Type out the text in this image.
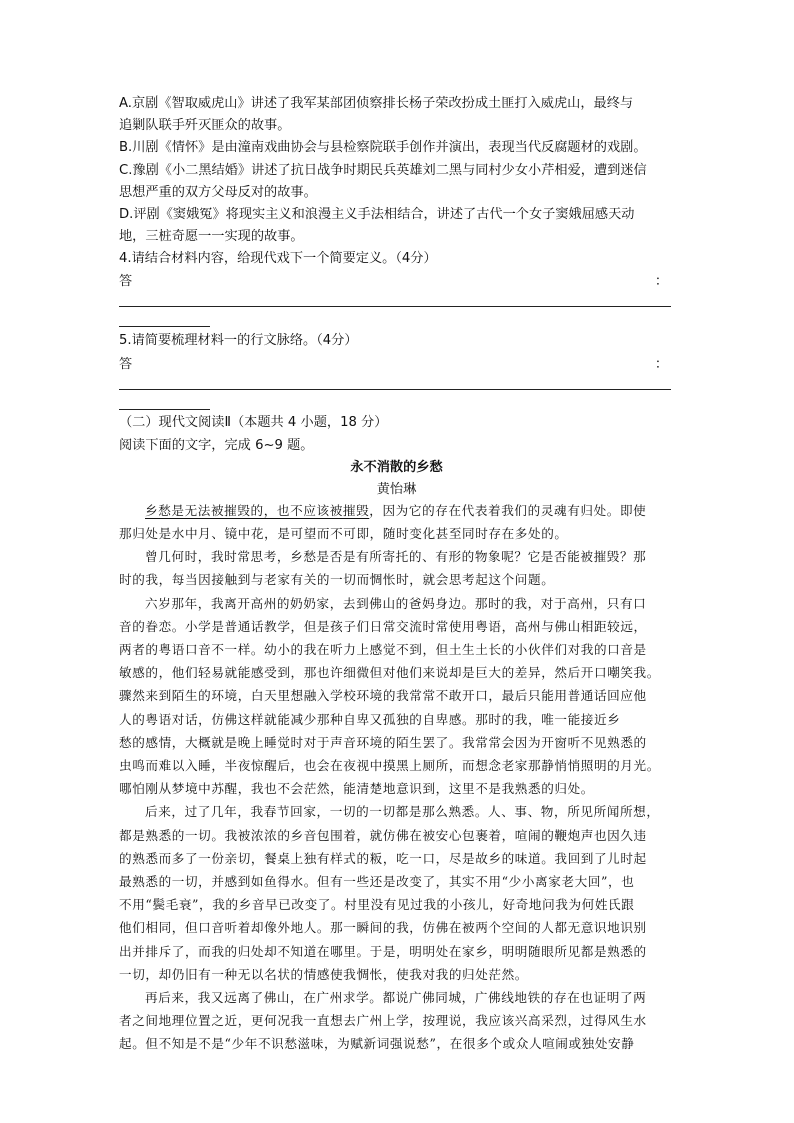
A.京剧《智取威虎山》讲述了我军某部团侦察排长杨子荣改扮成土匪打入威虎山，最终与
追剿队联手歼灭匪众的故事。
B.川剧《情怀》是由潼南戏曲协会与县检察院联手创作并演出，表现当代反腐题材的戏剧。
C.豫剧《小二黑结婚》讲述了抗日战争时期民兵英雄刘二黑与同村少女小芹相爱，遭到迷信
思想严重的双方父母反对的故事。
D.评剧《窦娥冤》将现实主义和浪漫主义手法相结合，讲述了古代一个女子窦娥屈感天动
地，三桩奇愿一一实现的故事。
4.请结合材料内容，给现代戏下一个简要定义。（4分）
答	：
5.请简要梳理材料一的行文脉络。（4分）
答	：
（二）现代文阅读Ⅱ（本题共 4 小题，18 分）
阅读下面的文字，完成 6~9 题。
永不消散的乡愁
黄怡琳
乡愁是无法被摧毁的，也不应该被摧毁，因为它的存在代表着我们的灵魂有归处。即使
那归处是水中月、镜中花，是可望而不可即，随时变化甚至同时存在多处的。
曾几何时，我时常思考，乡愁是否是有所寄托的、有形的物象呢？它是否能被摧毁？那
时的我，每当因接触到与老家有关的一切而惆怅时，就会思考起这个问题。
六岁那年，我离开高州的奶奶家，去到佛山的爸妈身边。那时的我，对于高州，只有口
音的眷恋。小学是普通话教学，但是孩子们日常交流时常使用粤语，高州与佛山相距较远，
两者的粤语口音不一样。幼小的我在听力上感觉不到，但土生土长的小伙伴们对我的口音是
敏感的，他们轻易就能感受到，那也许细微但对他们来说却是巨大的差异，然后开口嘲笑我。
骤然来到陌生的环境，白天里想融入学校环境的我常常不敢开口，最后只能用普通话回应他
人的粤语对话，仿佛这样就能减少那种自卑又孤独的自卑感。那时的我，唯一能接近乡
愁的感情，大概就是晚上睡觉时对于声音环境的陌生罢了。我常常会因为开窗听不见熟悉的
虫鸣而难以入睡，半夜惊醒后，也会在夜视中摸黑上厕所，而想念老家那静悄悄照明的月光。
哪怕刚从梦境中苏醒，我也不会茫然，能清楚地意识到，这里不是我熟悉的归处。
后来，过了几年，我春节回家，一切的一切都是那么熟悉。人、事、物，所见所闻所想，
都是熟悉的一切。我被浓浓的乡音包围着，就仿佛在被安心包裹着，喧闹的鞭炮声也因久违
的熟悉而多了一份亲切，餐桌上独有样式的粄，吃一口，尽是故乡的味道。我回到了儿时起
最熟悉的一切，并感到如鱼得水。但有一些还是改变了，其实不用“少小离家老大回”，也
不用“鬓毛衰”，我的乡音早已改变了。村里没有见过我的小孩儿，好奇地问我为何姓氏跟
他们相同，但口音听着却像外地人。那一瞬间的我，仿佛在被两个空间的人都无意识地识别
出并排斥了，而我的归处却不知道在哪里。于是，明明处在家乡，明明随眼所见都是熟悉的
一切，却仍旧有一种无以名状的情感使我惆怅，使我对我的归处茫然。
再后来，我又远离了佛山，在广州求学。都说广佛同城，广佛线地铁的存在也证明了两
者之间地理位置之近，更何况我一直想去广州上学，按理说，我应该兴高采烈，过得风生水
起。但不知是不是“少年不识愁滋味，为赋新词强说愁”，在很多个或众人喧闹或独处安静
